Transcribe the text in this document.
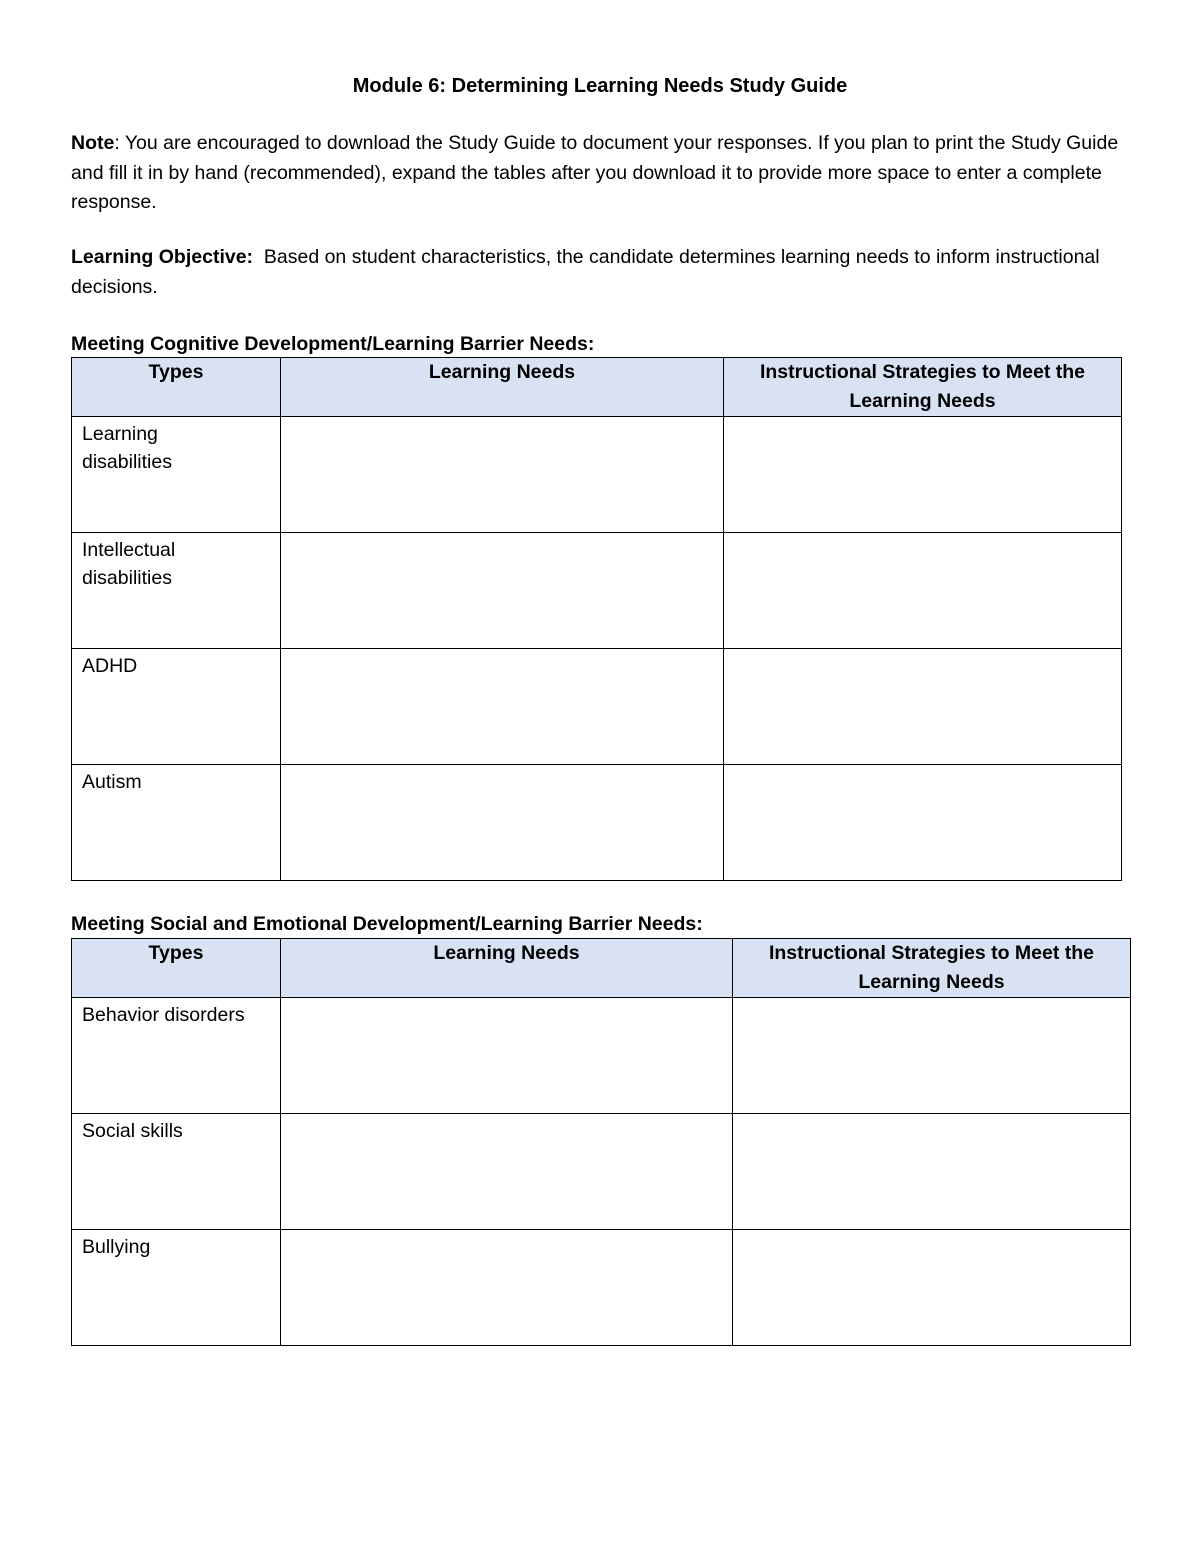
Module 6: Determining Learning Needs Study Guide
Note: You are encouraged to download the Study Guide to document your responses. If you plan to print the Study Guide and fill it in by hand (recommended), expand the tables after you download it to provide more space to enter a complete response.
Learning Objective:  Based on student characteristics, the candidate determines learning needs to inform instructional decisions.
Meeting Cognitive Development/Learning Barrier Needs:
Types	Learning Needs	Instructional Strategies to Meet the Learning Needs

Learning disabilities		

Intellectual disabilities		

ADHD		

Autism		

Meeting Social and Emotional Development/Learning Barrier Needs:
Types	Learning Needs	Instructional Strategies to Meet the Learning Needs

Behavior disorders		

Social skills		

Bullying		
